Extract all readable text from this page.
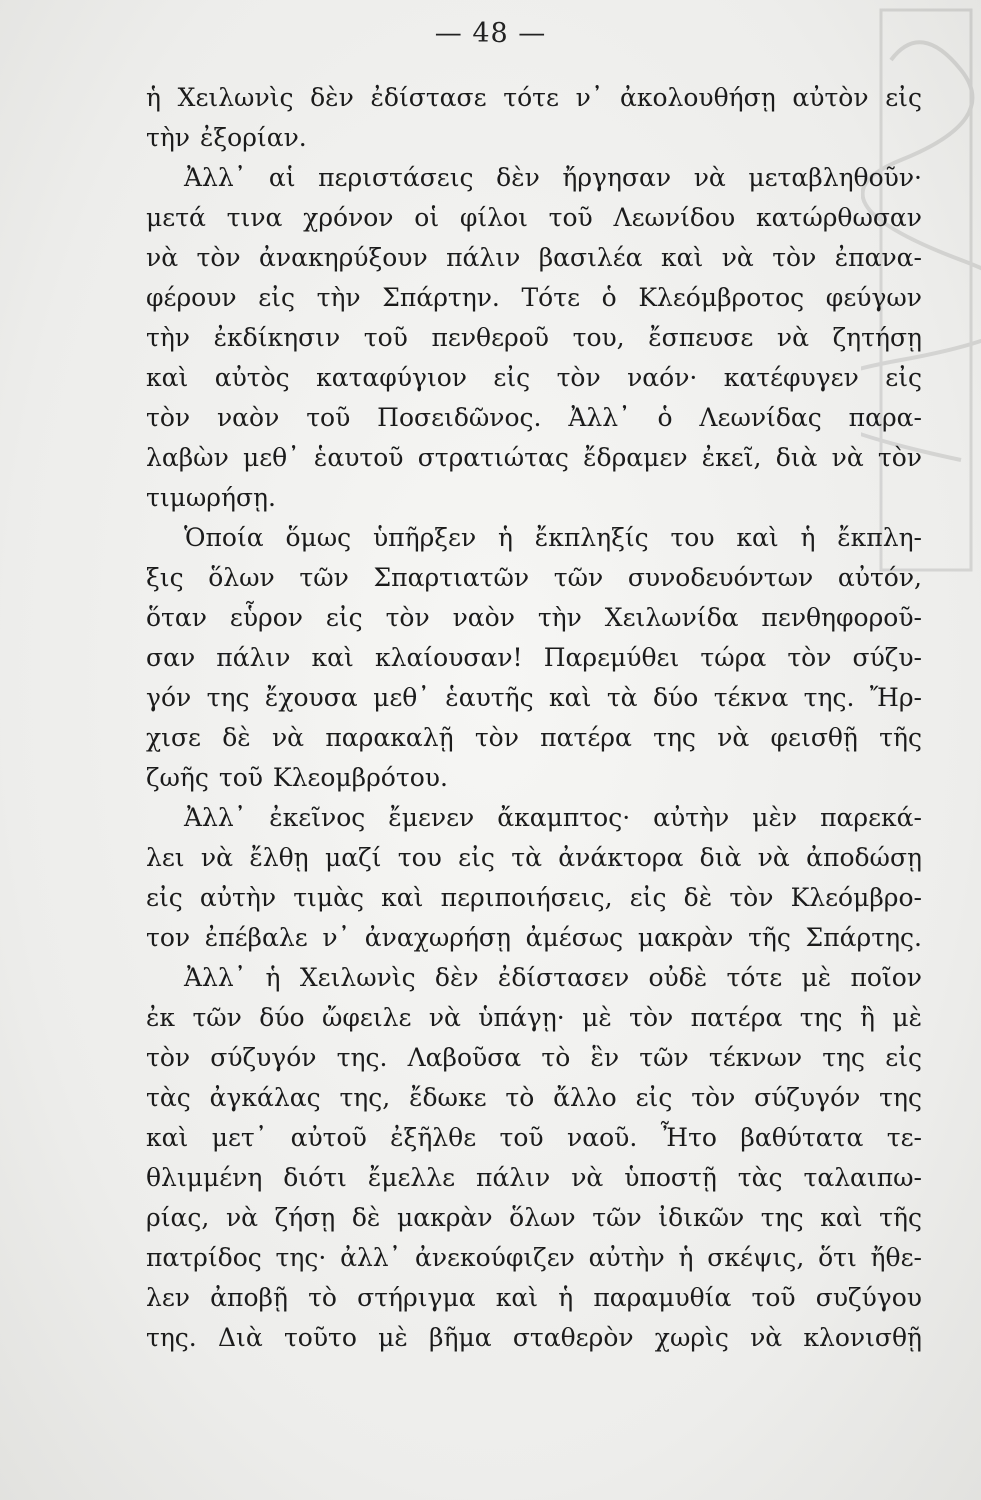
— 48 —
ἡ Χειλωνὶς δὲν ἐδίστασε τότε ν᾽ ἀκολουθήσῃ αὐτὸν εἰς
τὴν ἐξορίαν.
Ἀλλ᾽ αἱ περιστάσεις δὲν ἤργησαν νὰ μεταβληθοῦν·
μετά τινα χρόνον οἱ φίλοι τοῦ Λεωνίδου κατώρθωσαν
νὰ τὸν ἀνακηρύξουν πάλιν βασιλέα καὶ νὰ τὸν ἐπανα-
φέρουν εἰς τὴν Σπάρτην. Τότε ὁ Κλεόμβροτος φεύγων
τὴν ἐκδίκησιν τοῦ πενθεροῦ του, ἔσπευσε νὰ ζητήσῃ
καὶ αὐτὸς καταφύγιον εἰς τὸν ναόν· κατέφυγεν εἰς
τὸν ναὸν τοῦ Ποσειδῶνος. Ἀλλ᾽ ὁ Λεωνίδας παρα-
λαβὼν μεθ᾽ ἑαυτοῦ στρατιώτας ἔδραμεν ἐκεῖ, διὰ νὰ τὸν
τιμωρήσῃ.
Ὁποία ὅμως ὑπῆρξεν ἡ ἔκπληξίς του καὶ ἡ ἔκπλη-
ξις ὅλων τῶν Σπαρτιατῶν τῶν συνοδευόντων αὐτόν,
ὅταν εὗρον εἰς τὸν ναὸν τὴν Χειλωνίδα πενθηφοροῦ-
σαν πάλιν καὶ κλαίουσαν! Παρεμύθει τώρα τὸν σύζυ-
γόν της ἔχουσα μεθ᾽ ἑαυτῆς καὶ τὰ δύο τέκνα της. Ἤρ-
χισε δὲ νὰ παρακαλῇ τὸν πατέρα της νὰ φεισθῇ τῆς
ζωῆς τοῦ Κλεομβρότου.
Ἀλλ᾽ ἐκεῖνος ἔμενεν ἄκαμπτος· αὐτὴν μὲν παρεκά-
λει νὰ ἔλθῃ μαζί του εἰς τὰ ἀνάκτορα διὰ νὰ ἀποδώσῃ
εἰς αὐτὴν τιμὰς καὶ περιποιήσεις, εἰς δὲ τὸν Κλεόμβρο-
τον ἐπέβαλε ν᾽ ἀναχωρήσῃ ἀμέσως μακρὰν τῆς Σπάρτης.
Ἀλλ᾽ ἡ Χειλωνὶς δὲν ἐδίστασεν οὐδὲ τότε μὲ ποῖον
ἐκ τῶν δύο ὤφειλε νὰ ὑπάγῃ· μὲ τὸν πατέρα της ἢ μὲ
τὸν σύζυγόν της. Λαβοῦσα τὸ ἓν τῶν τέκνων της εἰς
τὰς ἀγκάλας της, ἔδωκε τὸ ἄλλο εἰς τὸν σύζυγόν της
καὶ μετ᾽ αὐτοῦ ἐξῆλθε τοῦ ναοῦ. Ἦτο βαθύτατα τε-
θλιμμένη διότι ἔμελλε πάλιν νὰ ὑποστῇ τὰς ταλαιπω-
ρίας, νὰ ζήσῃ δὲ μακρὰν ὅλων τῶν ἰδικῶν της καὶ τῆς
πατρίδος της· ἀλλ᾽ ἀνεκούφιζεν αὐτὴν ἡ σκέψις, ὅτι ἤθε-
λεν ἀποβῇ τὸ στήριγμα καὶ ἡ παραμυθία τοῦ συζύγου
της. Διὰ τοῦτο μὲ βῆμα σταθερὸν χωρὶς νὰ κλονισθῇ
